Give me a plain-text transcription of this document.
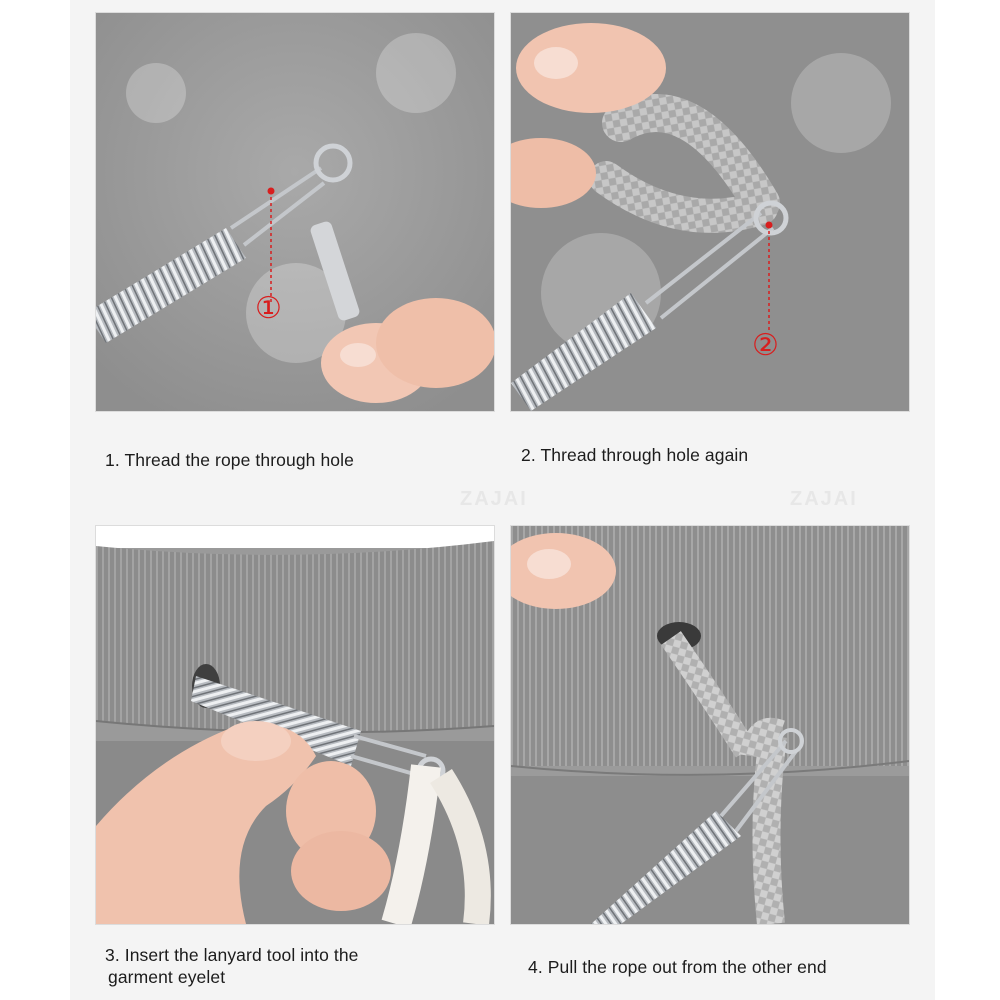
①
②
ZAJAI	ZAJAI
1. Thread the rope through hole	2. Thread through hole again
3. Insert the lanyard tool into the
garment eyelet	4. Pull the rope out from the other end
